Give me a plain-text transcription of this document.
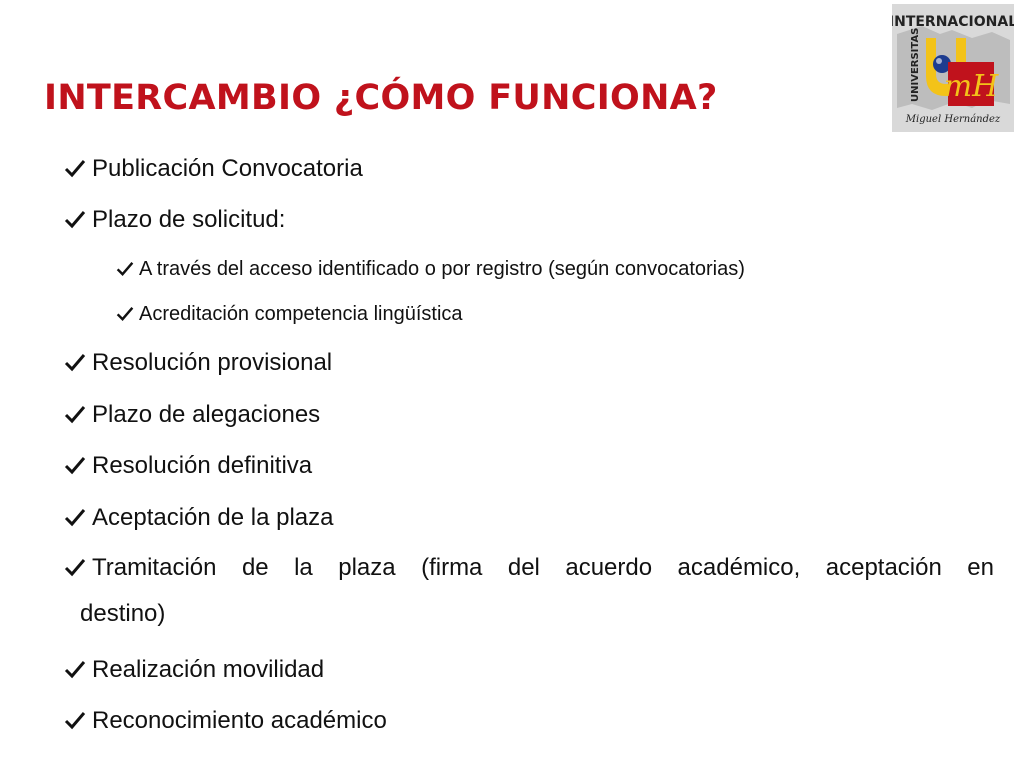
INTERCAMBIO ¿CÓMO FUNCIONA?
INTERNACIONAL
UNIVERSITAS mH
Miguel Hernández
Publicación Convocatoria
Plazo de solicitud:
A través del acceso identificado o por registro (según convocatorias)
Acreditación competencia lingüística
Resolución provisional
Plazo de alegaciones
Resolución definitiva
Aceptación de la plaza
Tramitación de la plaza (firma del acuerdo académico, aceptación en
destino)
Realización movilidad
Reconocimiento académico
